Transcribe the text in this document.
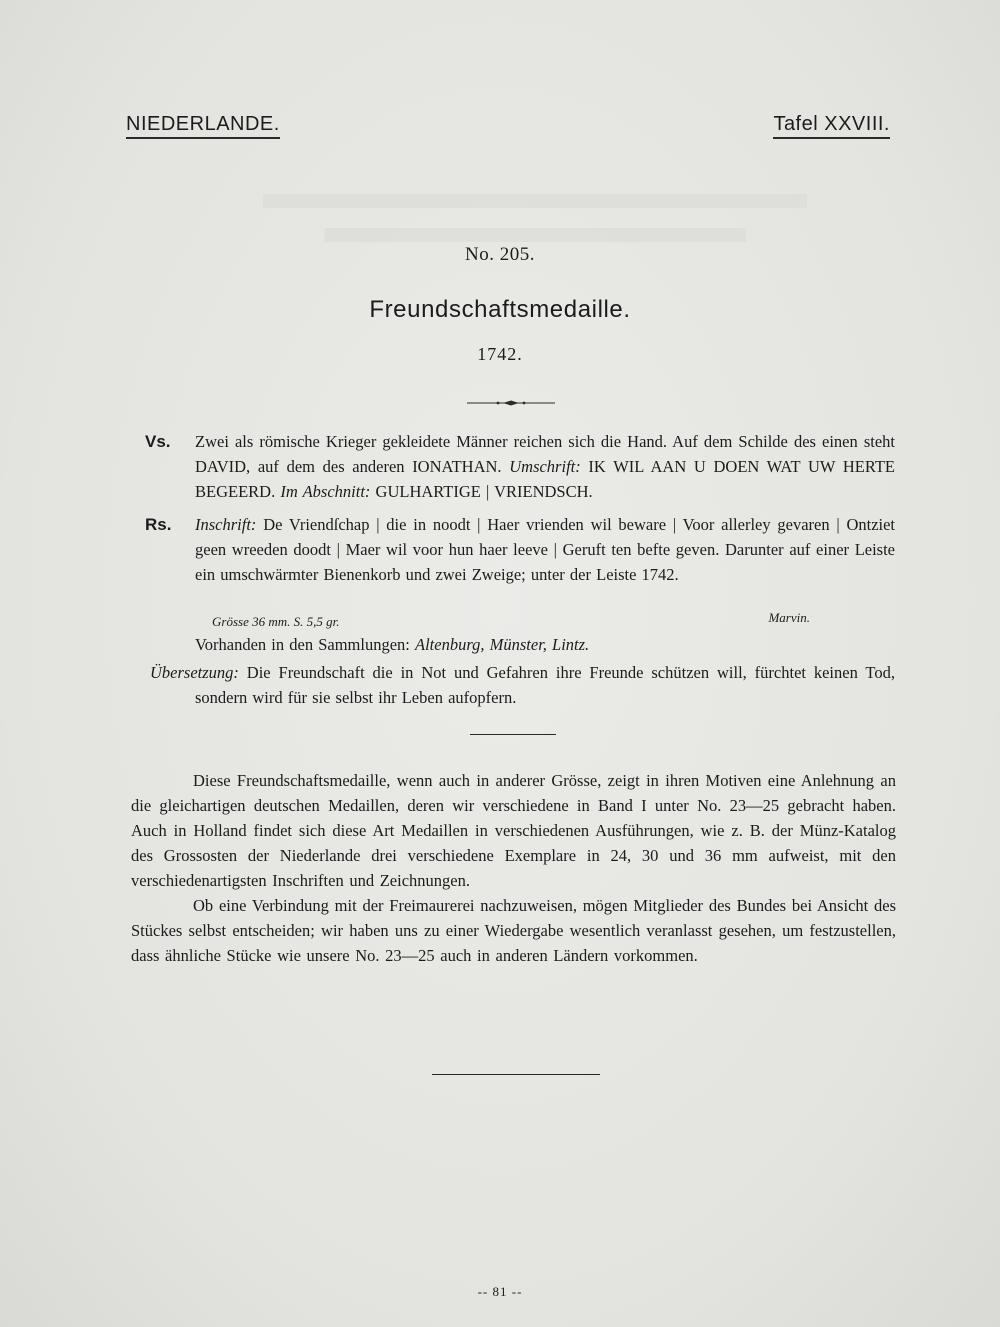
NIEDERLANDE.	Tafel XXVIII.
No. 205.
Freundschaftsmedaille.
1742.
Vs. Zwei als römische Krieger gekleidete Männer reichen sich die Hand. Auf dem Schilde des einen steht DAVID, auf dem des anderen IONATHAN. Umschrift: IK WIL AAN U DOEN WAT UW HERTE BEGEERD. Im Abschnitt: GULHARTIGE | VRIENDSCH.
Rs. Inschrift: De Vriendſchap | die in noodt | Haer vrienden wil beware | Voor allerley gevaren | Ontziet geen wreeden doodt | Maer wil voor hun haer leeve | Geruft ten befte geven. Darunter auf einer Leiste ein umschwärmter Bienenkorb und zwei Zweige; unter der Leiste 1742.
Grösse 36 mm. S. 5,5 gr.	Marvin.
Vorhanden in den Sammlungen: Altenburg, Münster, Lintz.
Übersetzung: Die Freundschaft die in Not und Gefahren ihre Freunde schützen will, fürchtet keinen Tod, sondern wird für sie selbst ihr Leben aufopfern.

Diese Freundschaftsmedaille, wenn auch in anderer Grösse, zeigt in ihren Motiven eine Anlehnung an die gleichartigen deutschen Medaillen, deren wir verschiedene in Band I unter No. 23—25 gebracht haben. Auch in Holland findet sich diese Art Medaillen in verschiedenen Ausführungen, wie z. B. der Münz-Katalog des Grossosten der Niederlande drei verschiedene Exemplare in 24, 30 und 36 mm aufweist, mit den verschiedenartigsten Inschriften und Zeichnungen.

Ob eine Verbindung mit der Freimaurerei nachzuweisen, mögen Mitglieder des Bundes bei Ansicht des Stückes selbst entscheiden; wir haben uns zu einer Wiedergabe wesentlich veranlasst gesehen, um festzustellen, dass ähnliche Stücke wie unsere No. 23—25 auch in anderen Ländern vorkommen.

-- 81 --
